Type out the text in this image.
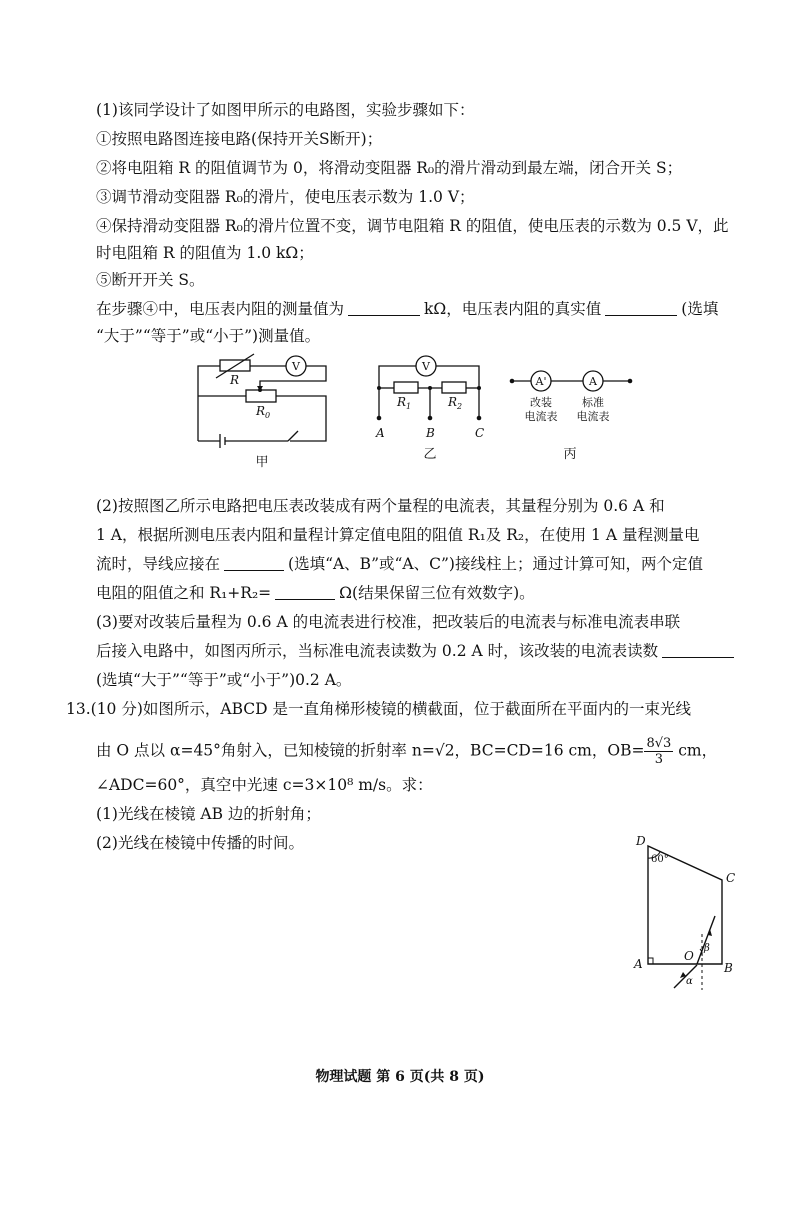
(1)该同学设计了如图甲所示的电路图，实验步骤如下：
①按照电路图连接电路(保持开关S断开)；
②将电阻箱 R 的阻值调节为 0，将滑动变阻器 R₀的滑片滑动到最左端，闭合开关 S；
③调节滑动变阻器 R₀的滑片，使电压表示数为 1.0 V；
④保持滑动变阻器 R₀的滑片位置不变，调节电阻箱 R 的阻值，使电压表的示数为 0.5 V，此
时电阻箱 R 的阻值为 1.0 kΩ；
⑤断开开关 S。
在步骤④中，电压表内阻的测量值为	kΩ，电压表内阻的真实值	(选填
“大于”“等于”或“小于”)测量值。
V
R
$R_0$
甲
V
$R_1$	$R_2$
A	B	C
乙
A'	A
改装
电流表
标准
电流表
丙
(2)按照图乙所示电路把电压表改装成有两个量程的电流表，其量程分别为 0.6 A 和
1 A，根据所测电压表内阻和量程计算定值电阻的阻值 R₁及 R₂，在使用 1 A 量程测量电
流时，导线应接在	(选填“A、B”或“A、C”)接线柱上；通过计算可知，两个定值
电阻的阻值之和 R₁+R₂=	Ω(结果保留三位有效数字)。
(3)要对改装后量程为 0.6 A 的电流表进行校准，把改装后的电流表与标准电流表串联
后接入电路中，如图丙所示，当标准电流表读数为 0.2 A 时，该改装的电流表读数
(选填“大于”“等于”或“小于”)0.2 A。
13.(10 分)如图所示，ABCD 是一直角梯形棱镜的横截面，位于截面所在平面内的一束光线
由 O 点以 α=45°角射入，已知棱镜的折射率 n=√2，BC=CD=16 cm，$OB= \frac{8√3}{3}$ cm，
∠ADC=60°，真空中光速 c=3×10⁸ m/s。求：
(1)光线在棱镜 AB 边的折射角；
(2)光线在棱镜中传播的时间。	D
C
A	B
O
60°
α
β
物理试题 第 6 页(共 8 页)
